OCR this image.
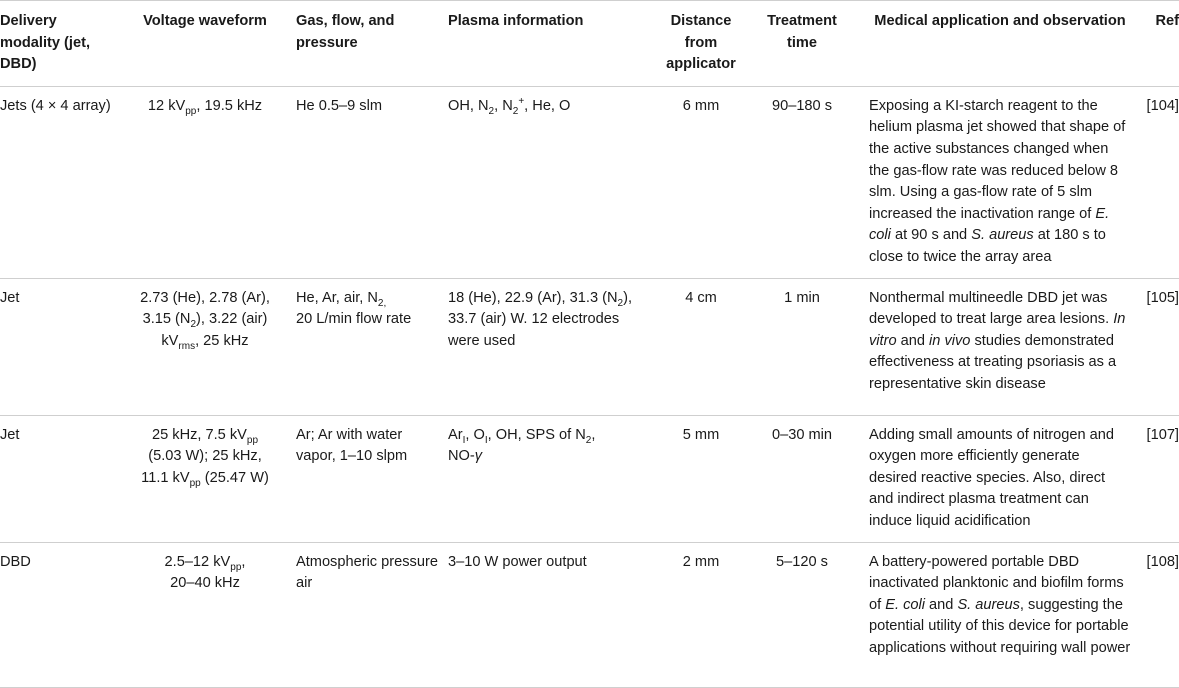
Delivery modality (jet, DBD)	Voltage waveform	Gas, flow, and pressure	Plasma information	Distance from applicator	Treatment time	Medical application and observation	Ref
Jets (4 × 4 array)	12 $kV_{pp}$, 19.5 kHz	He 0.5–9 slm	OH, $N_2$, $N_2^+$, He, O	6 mm	90–180 s	Exposing a KI-starch reagent to the helium plasma jet showed that shape of the active substances changed when the gas-flow rate was reduced below 8 slm. Using a gas-flow rate of 5 slm increased the inactivation range of E. coli at 90 s and S. aureus at 180 s to close to twice the array area	[104]
Jet	2.73 (He), 2.78 (Ar),
3.15 $(N_2)$, 3.22 (air)
$kV_{rms}$, 25 kHz	He, Ar, air, $N_{2,}$
20 L/min flow rate	18 (He), 22.9 (Ar), 31.3 $(N_2)$, 33.7 (air) W. 12 electrodes were used	4 cm	1 min	Nonthermal multineedle DBD jet was developed to treat large area lesions. In vitro and in vivo studies demonstrated effectiveness at treating psoriasis as a representative skin disease	[105]
Jet	25 kHz, 7.5 $kV_{pp}$
(5.03 W); 25 kHz,
11.1 $kV_{pp}$ (25.47 W)	Ar; Ar with water vapor, 1–10 slpm	$Ar_I$, $O_I$, OH, SPS of $N_2$,
NO-γ	5 mm	0–30 min	Adding small amounts of nitrogen and oxygen more efficiently generate desired reactive species. Also, direct and indirect plasma treatment can induce liquid acidification	[107]
DBD	2.5–12 $kV_{pp}$,
20–40 kHz	Atmospheric pressure air	3–10 W power output	2 mm	5–120 s	A battery-powered portable DBD inactivated planktonic and biofilm forms of E. coli and S. aureus, suggesting the potential utility of this device for portable applications without requiring wall power	[108]
